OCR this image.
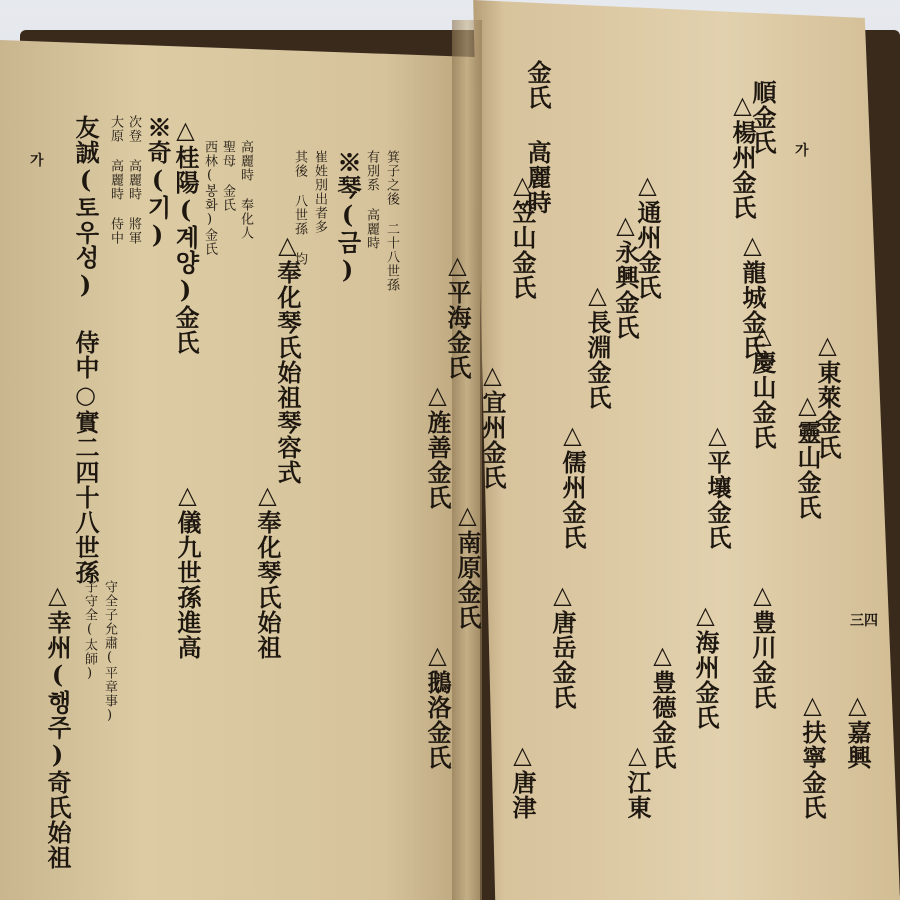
가
가
三四
友誠(토우성) 侍中○實二四十八世孫 大原 高麗時 侍中 次登 高麗時 將軍 ※奇(기) △桂陽(계양)金氏
△幸州(행주)奇氏始祖 子守全(太師) 守全子允肅(平章事)
西林(봉화)金氏 聖母 金氏 高麗時 奉化人
△奉化琴氏始祖
△儀九世孫進高
其後 八世孫 均 崔姓別出者多 ※琴(금) 有別系 高麗時 箕子之後 二十八世孫
△奉化琴氏始祖琴容式
順金氏
△楊州金氏
△龍城金氏
△通州金氏
△永興金氏
△長淵金氏
△儒州金氏	△平壤金氏
△豊川金氏
△海州金氏
△豊德金氏
△江東
△東萊金氏
△靈山金氏
△慶山金氏
△扶寧金氏 △嘉興
△唐岳金氏
△唐津
△宜州金氏
△南原金氏
△旌善金氏
△鵝洛金氏
△平海金氏
△笠山金氏
金氏 高麗時
